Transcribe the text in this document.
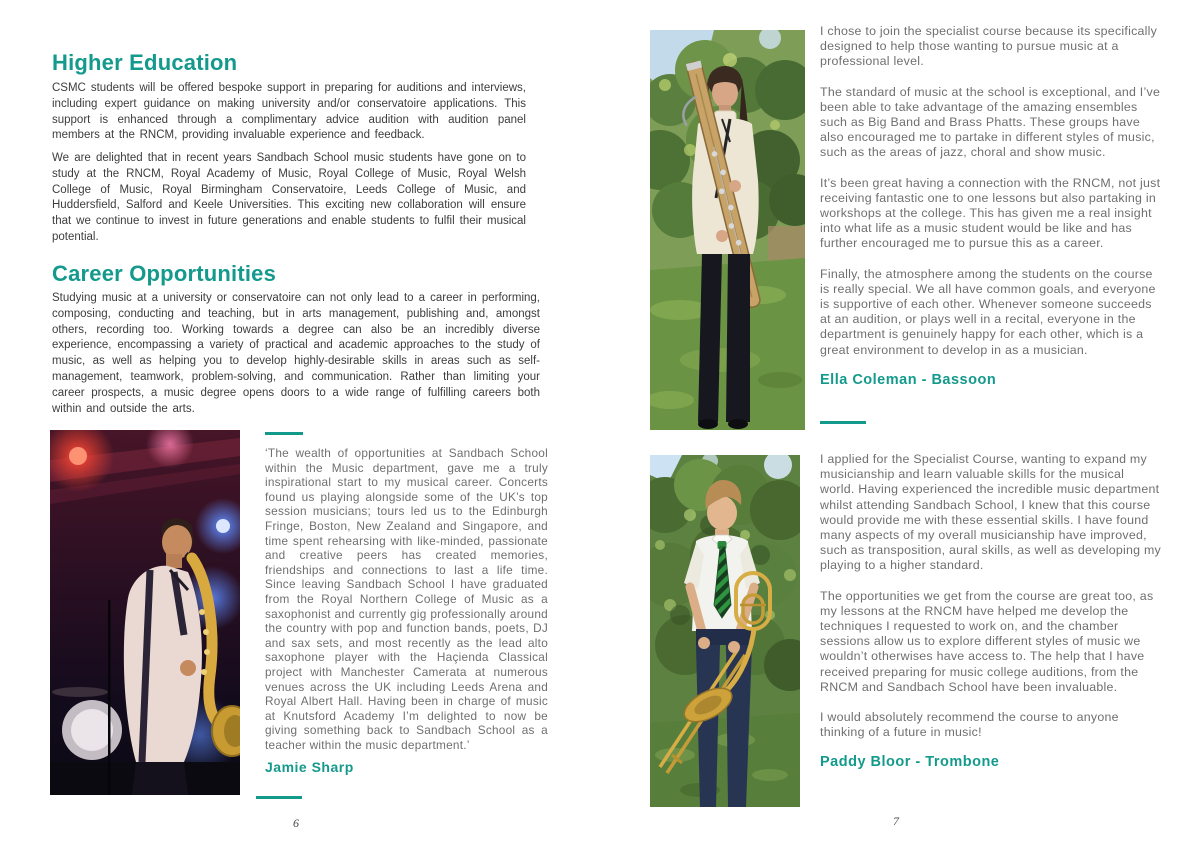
Higher Education

CSMC students will be offered bespoke support in preparing for auditions and interviews, including expert guidance on making university and/or conservatoire applications. This support is enhanced through a complimentary advice audition with audition panel members at the RNCM, providing invaluable experience and feedback.

We are delighted that in recent years Sandbach School music students have gone on to study at the RNCM, Royal Academy of Music, Royal College of Music, Royal Welsh College of Music, Royal Birmingham Conservatoire, Leeds College of Music, and Huddersfield, Salford and Keele Universities. This exciting new collaboration will ensure that we continue to invest in future generations and enable students to fulfil their musical potential.

Career Opportunities

Studying music at a university or conservatoire can not only lead to a career in performing, composing, conducting and teaching, but in arts management, publishing and, amongst others, recording too. Working towards a degree can also be an incredibly diverse experience, encompassing a variety of practical and academic approaches to the study of music, as well as helping you to develop highly-desirable skills in areas such as self-management, teamwork, problem-solving, and communication. Rather than limiting your career prospects, a music degree opens doors to a wide range of fulfilling careers both within and outside the arts.

‘The wealth of opportunities at Sandbach School within the Music department, gave me a truly inspirational start to my musical career. Concerts found us playing alongside some of the UK’s top session musicians; tours led us to the Edinburgh Fringe, Boston, New Zealand and Singapore, and time spent rehearsing with like-minded, passionate and creative peers has created memories, friendships and connections to last a life time. Since leaving Sandbach School I have graduated from the Royal Northern College of Music as a saxophonist and currently gig professionally around the country with pop and function bands, poets, DJ and sax sets, and most recently as the lead alto saxophone player with the Haçienda Classical project with Manchester Camerata at numerous venues across the UK including Leeds Arena and Royal Albert Hall. Having been in charge of music at Knutsford Academy I’m delighted to now be giving something back to Sandbach School as a teacher within the music department.’

Jamie Sharp
6

I chose to join the specialist course because its specifically designed to help those wanting to pursue music at a professional level.

The standard of music at the school is exceptional, and I’ve been able to take advantage of the amazing ensembles such as Big Band and Brass Phatts. These groups have also encouraged me to partake in different styles of music, such as the areas of jazz, choral and show music.

It’s been great having a connection with the RNCM, not just receiving fantastic one to one lessons but also partaking in workshops at the college. This has given me a real insight into what life as a music student would be like and has further encouraged me to pursue this as a career.

Finally, the atmosphere among the students on the course is really special. We all have common goals, and everyone is supportive of each other. Whenever someone succeeds at an audition, or plays well in a recital, everyone in the department is genuinely happy for each other, which is a great environment to develop in as a musician.

Ella Coleman - Bassoon

I applied for the Specialist Course, wanting to expand my musicianship and learn valuable skills for the musical world. Having experienced the incredible music department whilst attending Sandbach School, I knew that this course would provide me with these essential skills. I have found many aspects of my overall musicianship have improved, such as transposition, aural skills, as well as developing my playing to a higher standard.

The opportunities we get from the course are great too, as my lessons at the RNCM have helped me develop the techniques I requested to work on, and the chamber sessions allow us to explore different styles of music we wouldn’t otherwises have access to. The help that I have received preparing for music college auditions, from the RNCM and Sandbach School have been invaluable.

I would absolutely recommend the course to anyone thinking of a future in music!

Paddy Bloor - Trombone
7
